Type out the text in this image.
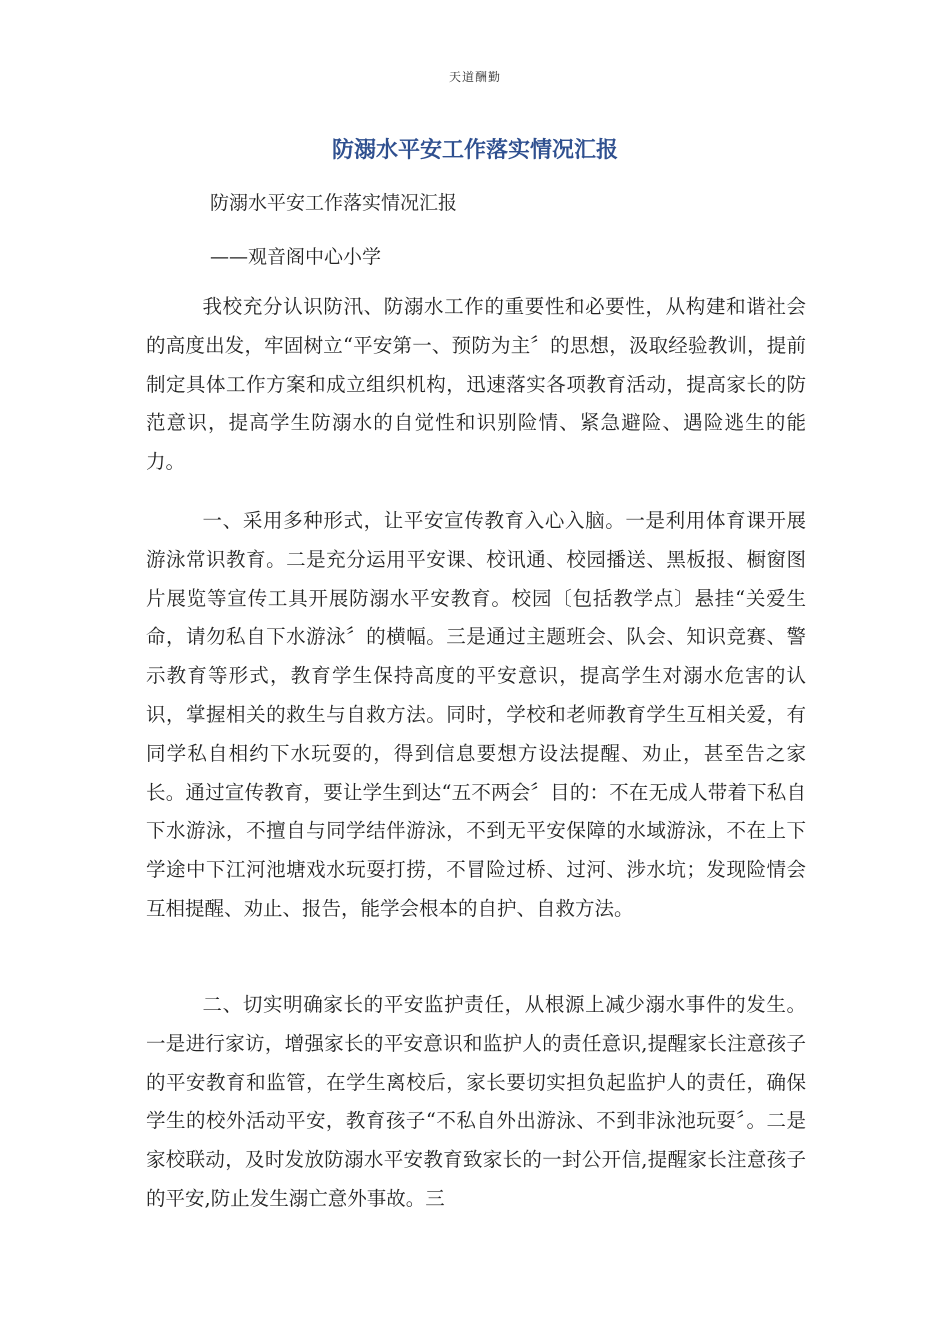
天道酬勤
防溺水平安工作落实情况汇报

防溺水平安工作落实情况汇报

——观音阁中心小学

我校充分认识防汛、防溺水工作的重要性和必要性，从构建和谐社会的高度出发，牢固树立“平安第一、预防为主〞的思想，汲取经验教训，提前制定具体工作方案和成立组织机构，迅速落实各项教育活动，提高家长的防范意识，提高学生防溺水的自觉性和识别险情、紧急避险、遇险逃生的能力。

一、采用多种形式，让平安宣传教育入心入脑。一是利用体育课开展游泳常识教育。二是充分运用平安课、校讯通、校园播送、黑板报、橱窗图片展览等宣传工具开展防溺水平安教育。校园〔包括教学点〕悬挂“关爱生命，请勿私自下水游泳〞的横幅。三是通过主题班会、队会、知识竞赛、警示教育等形式，教育学生保持高度的平安意识，提高学生对溺水危害的认识，掌握相关的救生与自救方法。同时，学校和老师教育学生互相关爱，有同学私自相约下水玩耍的，得到信息要想方设法提醒、劝止，甚至告之家长。通过宣传教育，要让学生到达“五不两会〞目的：不在无成人带着下私自下水游泳，不擅自与同学结伴游泳，不到无平安保障的水域游泳，不在上下学途中下江河池塘戏水玩耍打捞，不冒险过桥、过河、涉水坑；发现险情会互相提醒、劝止、报告，能学会根本的自护、自救方法。

二、切实明确家长的平安监护责任，从根源上减少溺水事件的发生。一是进行家访，增强家长的平安意识和监护人的责任意识,提醒家长注意孩子的平安教育和监管，在学生离校后，家长要切实担负起监护人的责任，确保学生的校外活动平安，教育孩子“不私自外出游泳、不到非泳池玩耍〞。二是家校联动，及时发放防溺水平安教育致家长的一封公开信,提醒家长注意孩子的平安,防止发生溺亡意外事故。三
